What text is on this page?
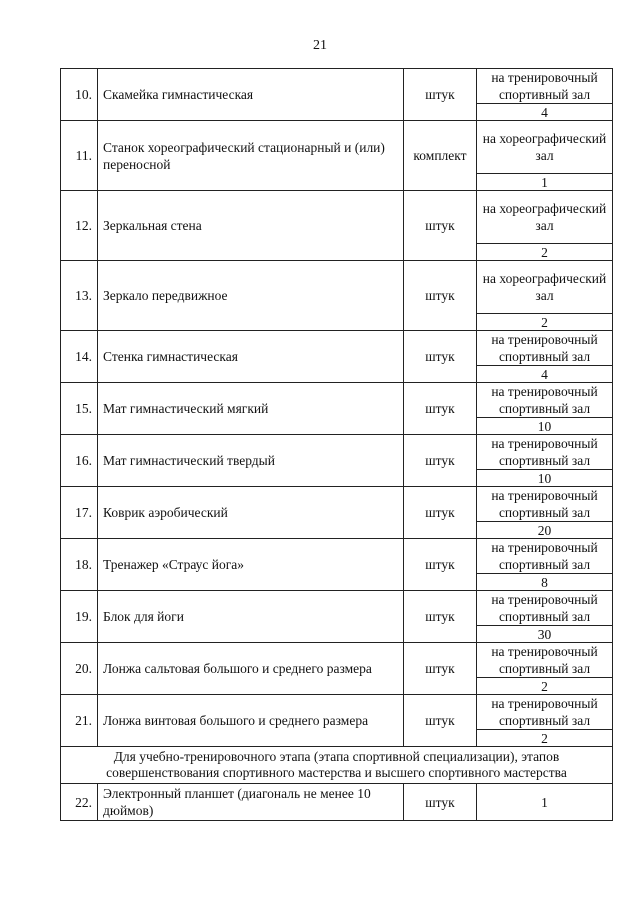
21
10.	Скамейка гимнастическая	штук	на тренировочный спортивный зал
			4
11.	Станок хореографический стационарный и (или) переносной	комплект	на хореографический зал
			1
12.	Зеркальная стена	штук	на хореографический зал
			2
13.	Зеркало передвижное	штук	на хореографический зал
			2
14.	Стенка гимнастическая	штук	на тренировочный спортивный зал
			4
15.	Мат гимнастический мягкий	штук	на тренировочный спортивный зал
			10
16.	Мат гимнастический твердый	штук	на тренировочный спортивный зал
			10
17.	Коврик аэробический	штук	на тренировочный спортивный зал
			20
18.	Тренажер «Страус йога»	штук	на тренировочный спортивный зал
			8
19.	Блок для йоги	штук	на тренировочный спортивный зал
			30
20.	Лонжа сальтовая большого и среднего размера	штук	на тренировочный спортивный зал
			2
21.	Лонжа винтовая большого и среднего размера	штук	на тренировочный спортивный зал
			2
Для учебно-тренировочного этапа (этапа спортивной специализации), этапов совершенствования спортивного мастерства и высшего спортивного мастерства			
22.	Электронный планшет (диагональ не менее 10 дюймов)	штук	1
